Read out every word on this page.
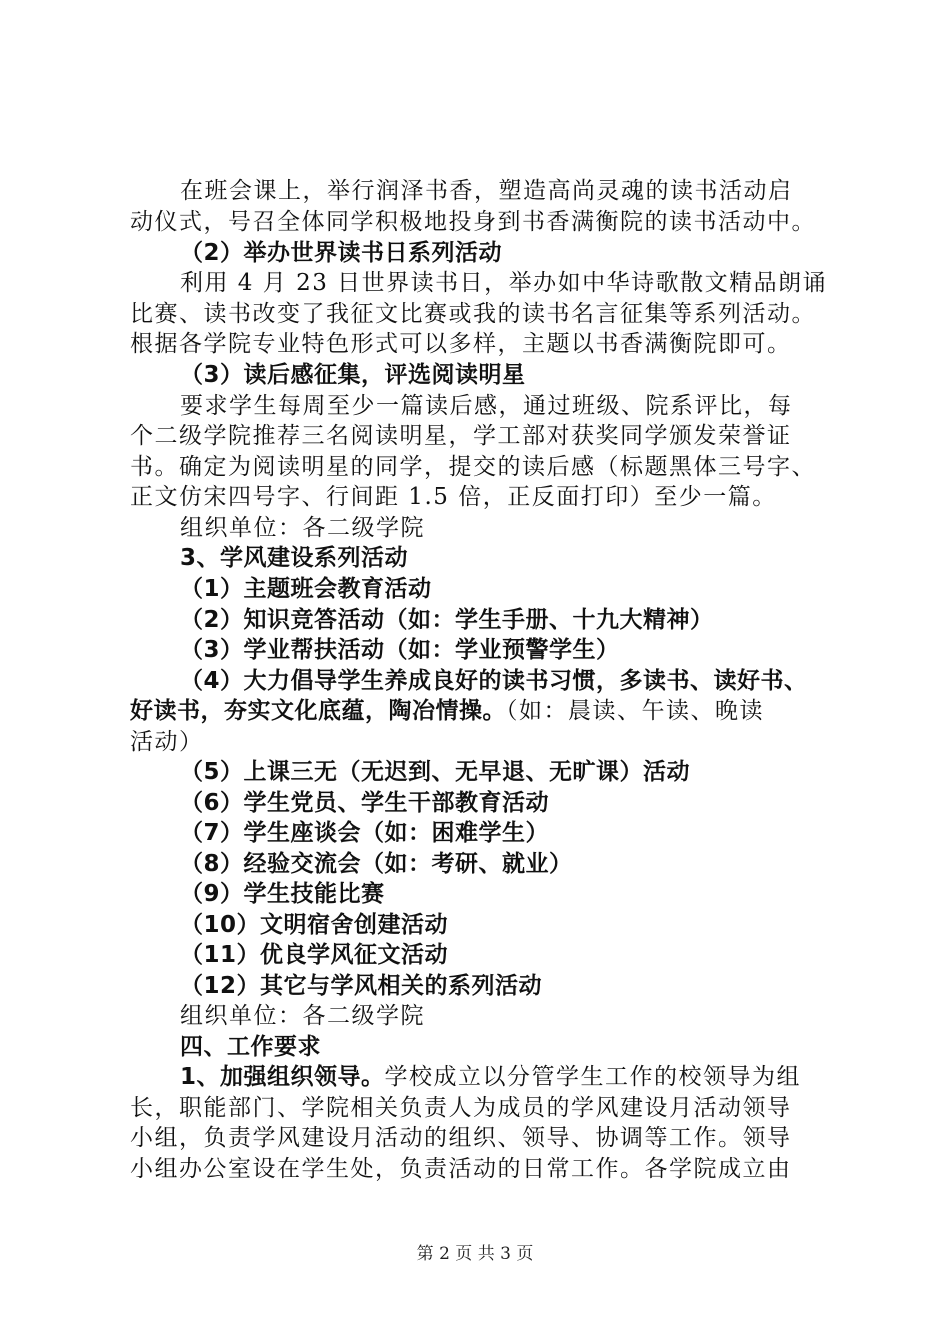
在班会课上，举行润泽书香，塑造高尚灵魂的读书活动启
动仪式，号召全体同学积极地投身到书香满衡院的读书活动中。
（2）举办世界读书日系列活动
利用 4 月 23 日世界读书日，举办如中华诗歌散文精品朗诵
比赛、读书改变了我征文比赛或我的读书名言征集等系列活动。
根据各学院专业特色形式可以多样，主题以书香满衡院即可。
（3）读后感征集，评选阅读明星
要求学生每周至少一篇读后感，通过班级、院系评比，每
个二级学院推荐三名阅读明星，学工部对获奖同学颁发荣誉证
书。确定为阅读明星的同学，提交的读后感（标题黑体三号字、
正文仿宋四号字、行间距 1.5 倍，正反面打印）至少一篇。
组织单位：各二级学院
3、学风建设系列活动
（1）主题班会教育活动
（2）知识竞答活动（如：学生手册、十九大精神）
（3）学业帮扶活动（如：学业预警学生）
（4）大力倡导学生养成良好的读书习惯，多读书、读好书、
好读书，夯实文化底蕴，陶冶情操。（如：晨读、午读、晚读
活动）
（5）上课三无（无迟到、无早退、无旷课）活动
（6）学生党员、学生干部教育活动
（7）学生座谈会（如：困难学生）
（8）经验交流会（如：考研、就业）
（9）学生技能比赛
（10）文明宿舍创建活动
（11）优良学风征文活动
（12）其它与学风相关的系列活动
组织单位：各二级学院
四、工作要求
1、加强组织领导。学校成立以分管学生工作的校领导为组
长，职能部门、学院相关负责人为成员的学风建设月活动领导
小组，负责学风建设月活动的组织、领导、协调等工作。领导
小组办公室设在学生处，负责活动的日常工作。各学院成立由
第 2 页 共 3 页
